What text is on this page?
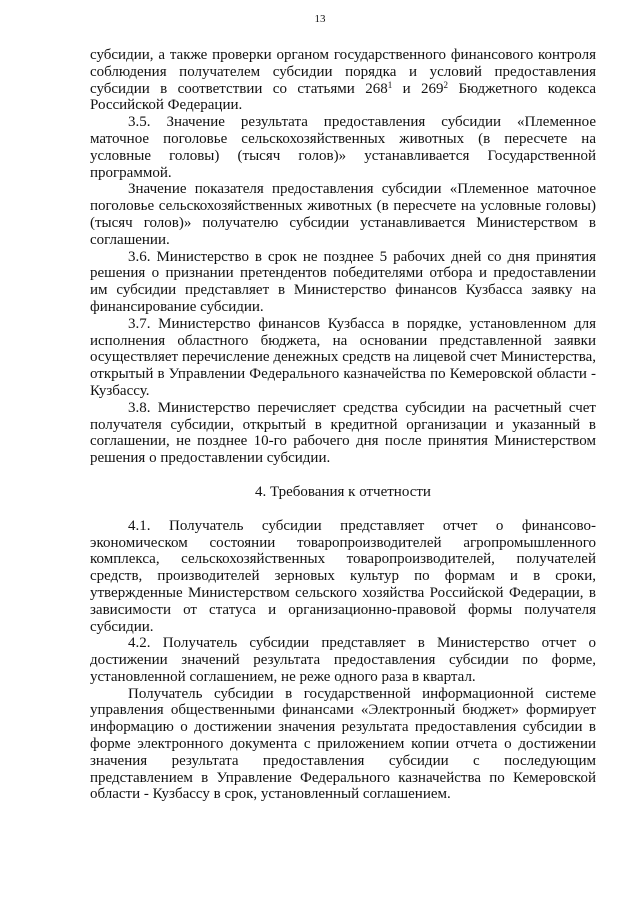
13

субсидии, а также проверки органом государственного финансового контроля соблюдения получателем субсидии порядка и условий предоставления субсидии в соответствии со статьями $268^1$ и $269^2$ Бюджетного кодекса Российской Федерации.

3.5. Значение результата предоставления субсидии «Племенное маточное поголовье сельскохозяйственных животных (в пересчете на условные головы) (тысяч голов)» устанавливается Государственной программой.

Значение показателя предоставления субсидии «Племенное маточное поголовье сельскохозяйственных животных (в пересчете на условные головы) (тысяч голов)» получателю субсидии устанавливается Министерством в соглашении.

3.6. Министерство в срок не позднее 5 рабочих дней со дня принятия решения о признании претендентов победителями отбора и предоставлении им субсидии представляет в Министерство финансов Кузбасса заявку на финансирование субсидии.

3.7. Министерство финансов Кузбасса в порядке, установленном для исполнения областного бюджета, на основании представленной заявки осуществляет перечисление денежных средств на лицевой счет Министерства, открытый в Управлении Федерального казначейства по Кемеровской области - Кузбассу.

3.8. Министерство перечисляет средства субсидии на расчетный счет получателя субсидии, открытый в кредитной организации и указанный в соглашении, не позднее 10-го рабочего дня после принятия Министерством решения о предоставлении субсидии.

4. Требования к отчетности

4.1. Получатель субсидии представляет отчет о финансово-экономическом состоянии товаропроизводителей агропромышленного комплекса, сельскохозяйственных товаропроизводителей, получателей средств, производителей зерновых культур по формам и в сроки, утвержденные Министерством сельского хозяйства Российской Федерации, в зависимости от статуса и организационно-правовой формы получателя субсидии.

4.2. Получатель субсидии представляет в Министерство отчет о достижении значений результата предоставления субсидии по форме, установленной соглашением, не реже одного раза в квартал.

Получатель субсидии в государственной информационной системе управления общественными финансами «Электронный бюджет» формирует информацию о достижении значения результата предоставления субсидии в форме электронного документа с приложением копии отчета о достижении значения результата предоставления субсидии с последующим представлением в Управление Федерального казначейства по Кемеровской области - Кузбассу в срок, установленный соглашением.
